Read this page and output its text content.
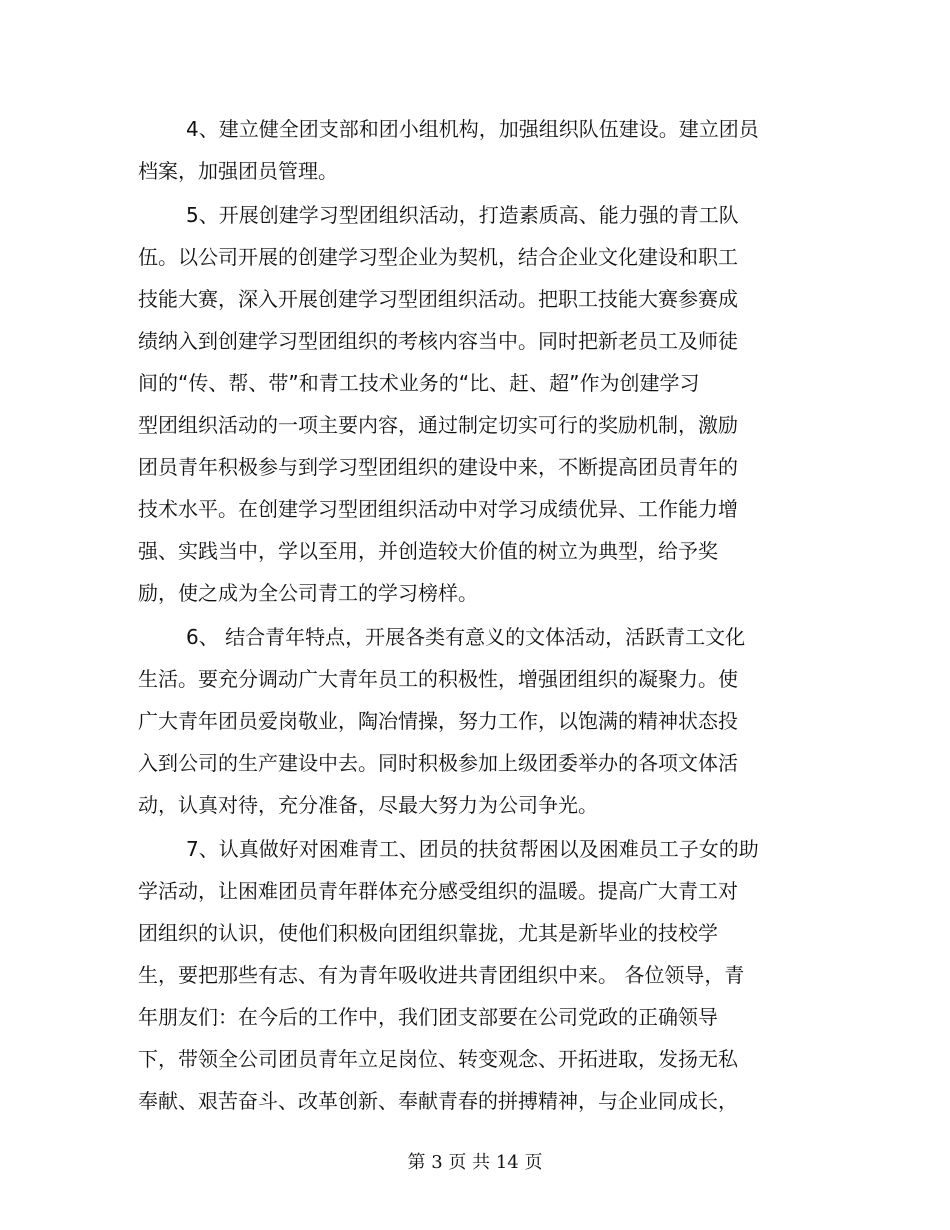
4、建立健全团支部和团小组机构，加强组织队伍建设。建立团员
档案，加强团员管理。
5、开展创建学习型团组织活动，打造素质高、能力强的青工队
伍。以公司开展的创建学习型企业为契机，结合企业文化建设和职工
技能大赛，深入开展创建学习型团组织活动。把职工技能大赛参赛成
绩纳入到创建学习型团组织的考核内容当中。同时把新老员工及师徒
间的“传、帮、带”和青工技术业务的“比、赶、超”作为创建学习
型团组织活动的一项主要内容，通过制定切实可行的奖励机制，激励
团员青年积极参与到学习型团组织的建设中来，不断提高团员青年的
技术水平。在创建学习型团组织活动中对学习成绩优异、工作能力增
强、实践当中，学以至用，并创造较大价值的树立为典型，给予奖
励，使之成为全公司青工的学习榜样。
6、 结合青年特点，开展各类有意义的文体活动，活跃青工文化
生活。要充分调动广大青年员工的积极性，增强团组织的凝聚力。使
广大青年团员爱岗敬业，陶冶情操，努力工作，以饱满的精神状态投
入到公司的生产建设中去。同时积极参加上级团委举办的各项文体活
动，认真对待，充分准备，尽最大努力为公司争光。
7、认真做好对困难青工、团员的扶贫帮困以及困难员工子女的助
学活动，让困难团员青年群体充分感受组织的温暖。提高广大青工对
团组织的认识，使他们积极向团组织靠拢，尤其是新毕业的技校学
生，要把那些有志、有为青年吸收进共青团组织中来。 各位领导，青
年朋友们：在今后的工作中，我们团支部要在公司党政的正确领导
下，带领全公司团员青年立足岗位、转变观念、开拓进取，发扬无私
奉献、艰苦奋斗、改革创新、奉献青春的拼搏精神，与企业同成长，
第 3 页 共 14 页
